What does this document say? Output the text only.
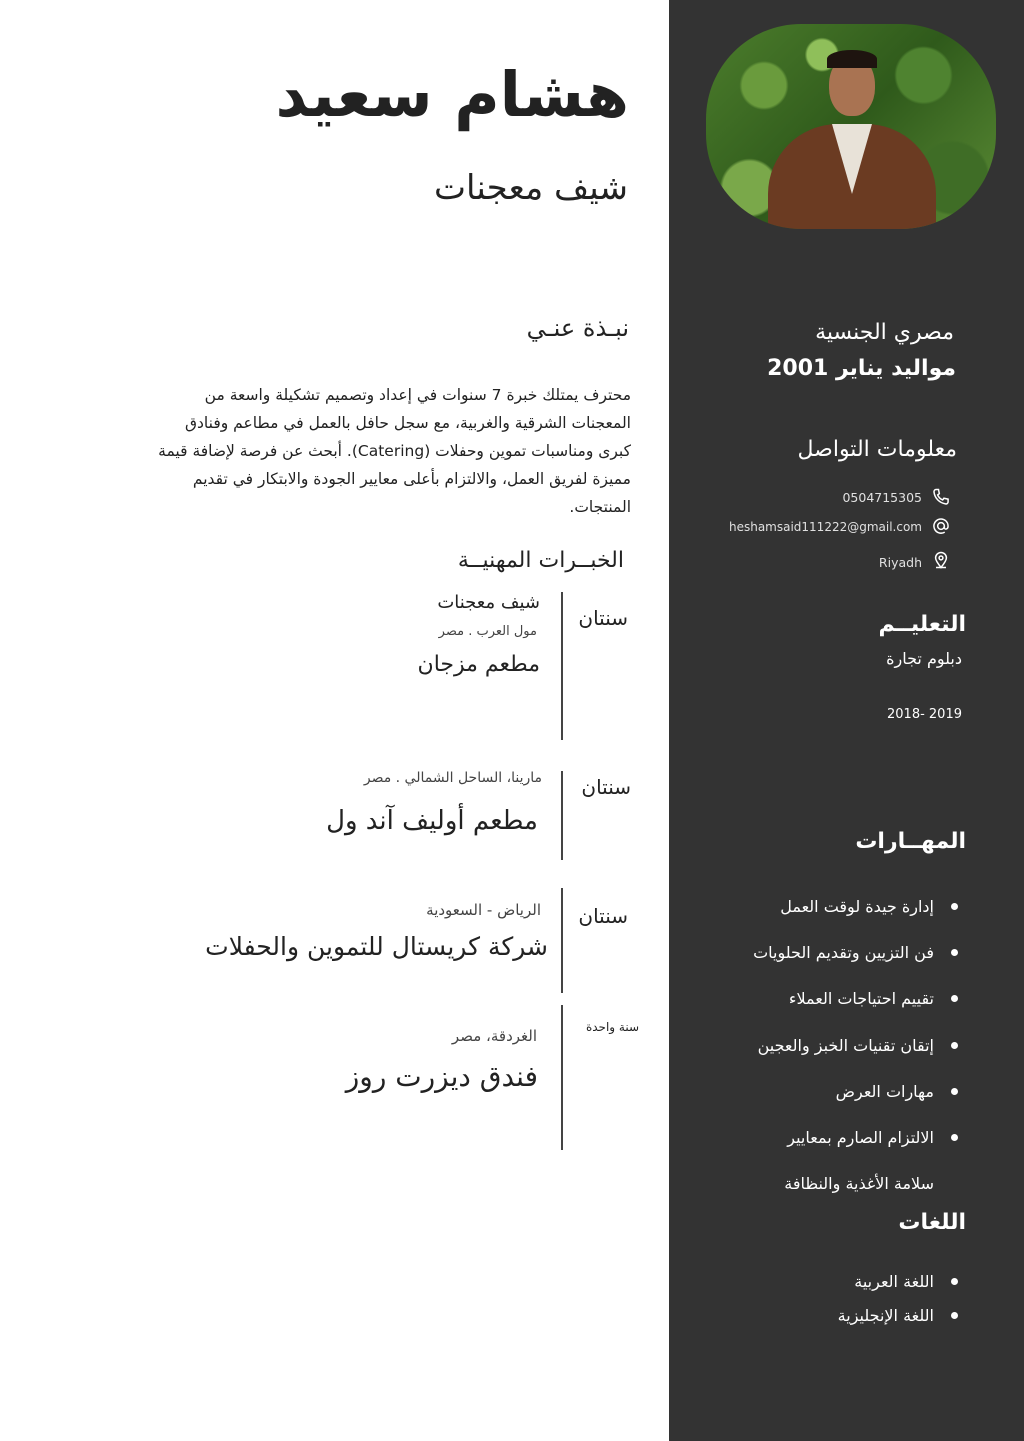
هشام سعيد
شيف معجنات
نبـذة عنـي
محترف يمتلك خبرة 7 سنوات في إعداد وتصميم تشكيلة واسعة من
المعجنات الشرقية والغربية، مع سجل حافل بالعمل في مطاعم وفنادق
كبرى ومناسبات تموين وحفلات (Catering). أبحث عن فرصة لإضافة قيمة
مميزة لفريق العمل، والالتزام بأعلى معايير الجودة والابتكار في تقديم
المنتجات.
الخبــرات المهنيــة
سنتان
شيف معجنات
مول العرب . مصر
مطعم مزجان
سنتان
مارينا، الساحل الشمالي . مصر
مطعم أوليف آند ول
سنتان
الرياض - السعودية
شركة كريستال للتموين والحفلات
سنة واحدة
الغردقة، مصر
فندق ديزرت روز
مصري الجنسية
مواليد يناير 2001
معلومات التواصل
0504715305
heshamsaid111222@gmail.com
Riyadh
التعليــم
دبلوم تجارة
2018- 2019
المهــارات
إدارة جيدة لوقت العمل
فن التزيين وتقديم الحلويات
تقييم احتياجات العملاء
إتقان تقنيات الخبز والعجين
مهارات العرض
الالتزام الصارم بمعايير
سلامة الأغذية والنظافة
اللغات
اللغة العربية
اللغة الإنجليزية
